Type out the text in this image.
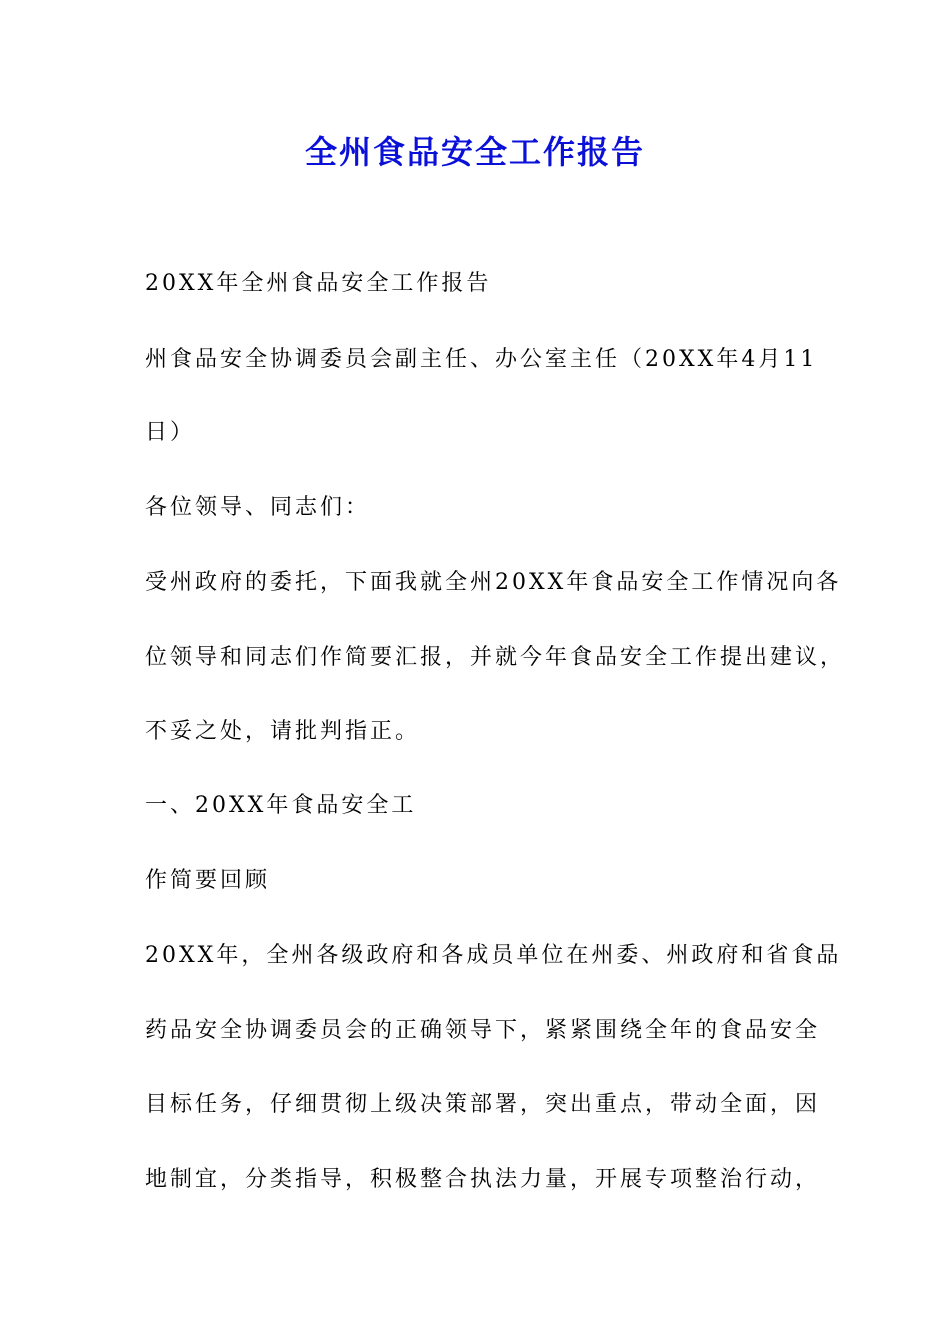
全州食品安全工作报告

20XX年全州食品安全工作报告

州食品安全协调委员会副主任、办公室主任（20XX年4月11

日）

各位领导、同志们：

受州政府的委托，下面我就全州20XX年食品安全工作情况向各

位领导和同志们作简要汇报，并就今年食品安全工作提出建议，

不妥之处，请批判指正。

一、20XX年食品安全工

作简要回顾

20XX年，全州各级政府和各成员单位在州委、州政府和省食品

药品安全协调委员会的正确领导下，紧紧围绕全年的食品安全

目标任务，仔细贯彻上级决策部署，突出重点，带动全面，因

地制宜，分类指导，积极整合执法力量，开展专项整治行动，
